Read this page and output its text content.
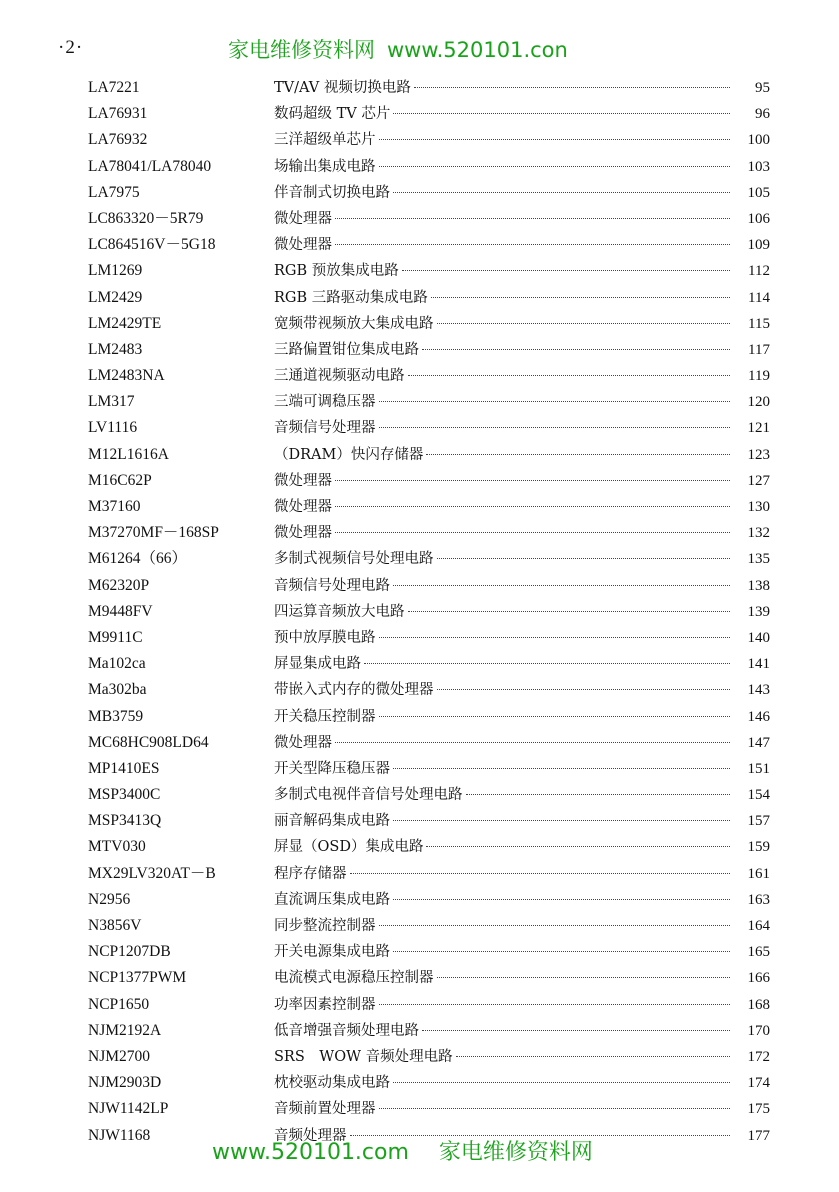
·2·	家电维修资料网 www.520101.con
LA7221	TV/AV 视频切换电路	95
LA76931	数码超级 TV 芯片	96
LA76932	三洋超级单芯片	100
LA78041/LA78040	场输出集成电路	103
LA7975	伴音制式切换电路	105
LC863320－5R79	微处理器	106
LC864516V－5G18	微处理器	109
LM1269	RGB 预放集成电路	112
LM2429	RGB 三路驱动集成电路	114
LM2429TE	宽频带视频放大集成电路	115
LM2483	三路偏置钳位集成电路	117
LM2483NA	三通道视频驱动电路	119
LM317	三端可调稳压器	120
LV1116	音频信号处理器	121
M12L1616A	（DRAM）快闪存储器	123
M16C62P	微处理器	127
M37160	微处理器	130
M37270MF－168SP	微处理器	132
M61264（66）	多制式视频信号处理电路	135
M62320P	音频信号处理电路	138
M9448FV	四运算音频放大电路	139
M9911C	预中放厚膜电路	140
Ma102ca	屏显集成电路	141
Ma302ba	带嵌入式内存的微处理器	143
MB3759	开关稳压控制器	146
MC68HC908LD64	微处理器	147
MP1410ES	开关型降压稳压器	151
MSP3400C	多制式电视伴音信号处理电路	154
MSP3413Q	丽音解码集成电路	157
MTV030	屏显（OSD）集成电路	159
MX29LV320AT－B	程序存储器	161
N2956	直流调压集成电路	163
N3856V	同步整流控制器	164
NCP1207DB	开关电源集成电路	165
NCP1377PWM	电流模式电源稳压控制器	166
NCP1650	功率因素控制器	168
NJM2192A	低音增强音频处理电路	170
NJM2700	SRS　WOW 音频处理电路	172
NJM2903D	枕校驱动集成电路	174
NJW1142LP	音频前置处理器	175
NJW1168	音频处理器	177
www.520101.com 家电维修资料网
